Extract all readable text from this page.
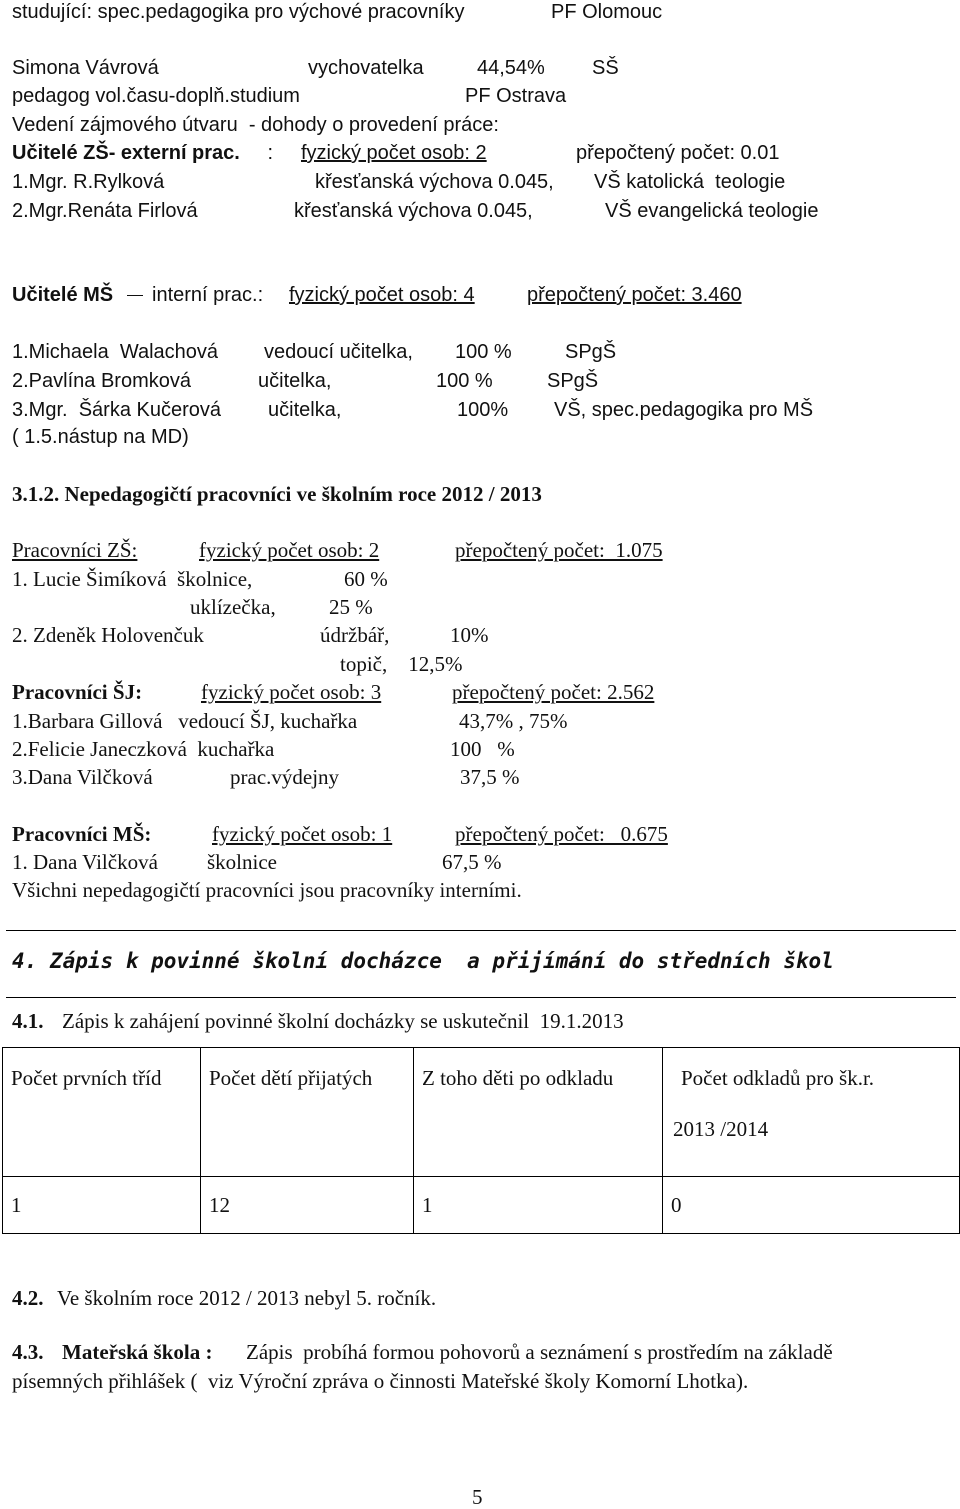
studující: spec.pedagogika pro výchové pracovníky	PF Olomouc
Simona Vávrová	vychovatelka	44,54% SŠ
pedagog vol.času-doplň.studium	PF Ostrava
Vedení zájmového útvaru  - dohody o provedení práce:
Učitelé ZŠ- externí prac. : fyzický počet osob: 2	přepočtený počet: 0.01
1.Mgr. R.Rylková	křesťanská výchova 0.045, VŠ katolická  teologie
2.Mgr.Renáta Firlová	křesťanská výchova 0.045,	VŠ evangelická teologie
Učitelé MŠ interní prac.: fyzický počet osob: 4	přepočtený počet: 3.460
1.Michaela  Walachová vedoucí učitelka, 100 %	SPgŠ
2.Pavlína Bromková	učitelka,	100 %	SPgŠ
3.Mgr.  Šárka Kučerová učitelka,	100% VŠ, spec.pedagogika pro MŠ
( 1.5.nástup na MD)
3.1.2. Nepedagogičtí pracovníci ve školním roce 2012 / 2013
Pracovníci ZŠ:	fyzický počet osob: 2	přepočtený počet:  1.075
1. Lucie Šimíková  školnice,	60 %
uklízečka,	25 %
2. Zdeněk Holovenčuk	údržbář,	10%
topič,    12,5%
Pracovníci ŠJ:	fyzický počet osob: 3	přepočtený počet: 2.562
1.Barbara Gillová   vedoucí ŠJ, kuchařka	43,7% , 75%
2.Felicie Janeczková  kuchařka	100   %
3.Dana Vilčková	prac.výdejny	37,5 %
Pracovníci MŠ:	fyzický počet osob: 1	přepočtený počet:   0.675
1. Dana Vilčková školnice	67,5 %
Všichni nepedagogičtí pracovníci jsou pracovníky interními.
4. Zápis k povinné školní docházce  a přijímání do středních škol
4.1. Zápis k zahájení povinné školní docházky se uskutečnil  19.1.2013
Počet prvních tříd	Počet dětí přijatých	Z toho děti po odkladu	Počet odkladů pro šk.r.
2013 /2014

1	12	1	0
4.2. Ve školním roce 2012 / 2013 nebyl 5. ročník.
4.3. Mateřská škola : Zápis  probíhá formou pohovorů a seznámení s prostředím na základě
písemných přihlášek (  viz Výroční zpráva o činnosti Mateřské školy Komorní Lhotka).
5
